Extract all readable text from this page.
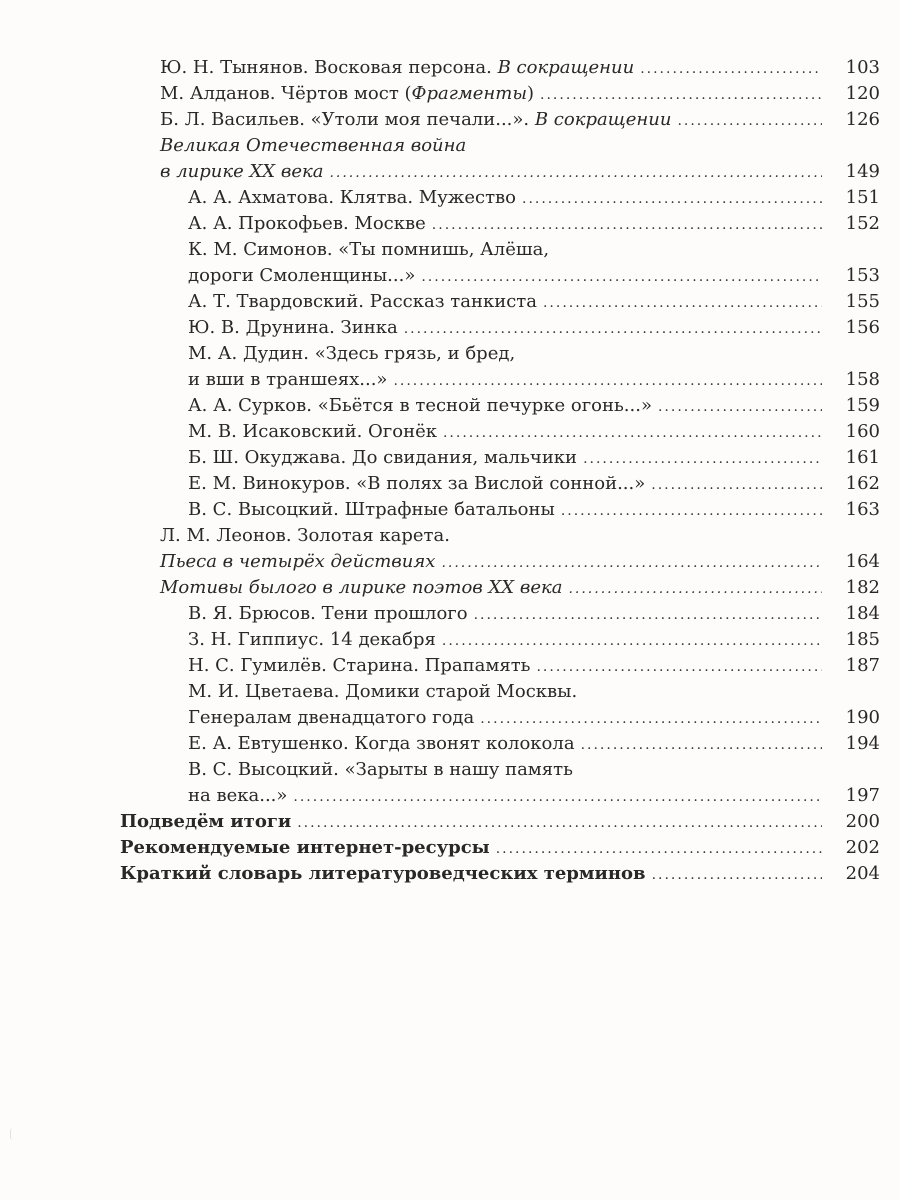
Ю. Н. Тынянов. Восковая персона. В сокращении .....	103
М. Алданов. Чёртов мост (Фрагменты) .....	120
Б. Л. Васильев. «Утоли моя печали...». В сокращении .....	126
Великая Отечественная война
в лирике XX века .....	149
А. А. Ахматова. Клятва. Мужество .....	151
А. А. Прокофьев. Москве .....	152
К. М. Симонов. «Ты помнишь, Алёша,
дороги Смоленщины...» .....	153
А. Т. Твардовский. Рассказ танкиста .....	155
Ю. В. Друнина. Зинка .....	156
М. А. Дудин. «Здесь грязь, и бред,
и вши в траншеях...» .....	158
А. А. Сурков. «Бьётся в тесной печурке огонь...» .....	159
М. В. Исаковский. Огонёк .....	160
Б. Ш. Окуджава. До свидания, мальчики .....	161
Е. М. Винокуров. «В полях за Вислой сонной...» .....	162
В. С. Высоцкий. Штрафные батальоны .....	163
Л. М. Леонов. Золотая карета.
Пьеса в четырёх действиях .....	164
Мотивы былого в лирике поэтов XX века .....	182
В. Я. Брюсов. Тени прошлого .....	184
З. Н. Гиппиус. 14 декабря .....	185
Н. С. Гумилёв. Старина. Прапамять .....	187
М. И. Цветаева. Домики старой Москвы.
Генералам двенадцатого года .....	190
Е. А. Евтушенко. Когда звонят колокола .....	194
В. С. Высоцкий. «Зарыты в нашу память
на века...» .....	197
Подведём итоги .....	200
Рекомендуемые интернет-ресурсы .....	202
Краткий словарь литературоведческих терминов .....	204
